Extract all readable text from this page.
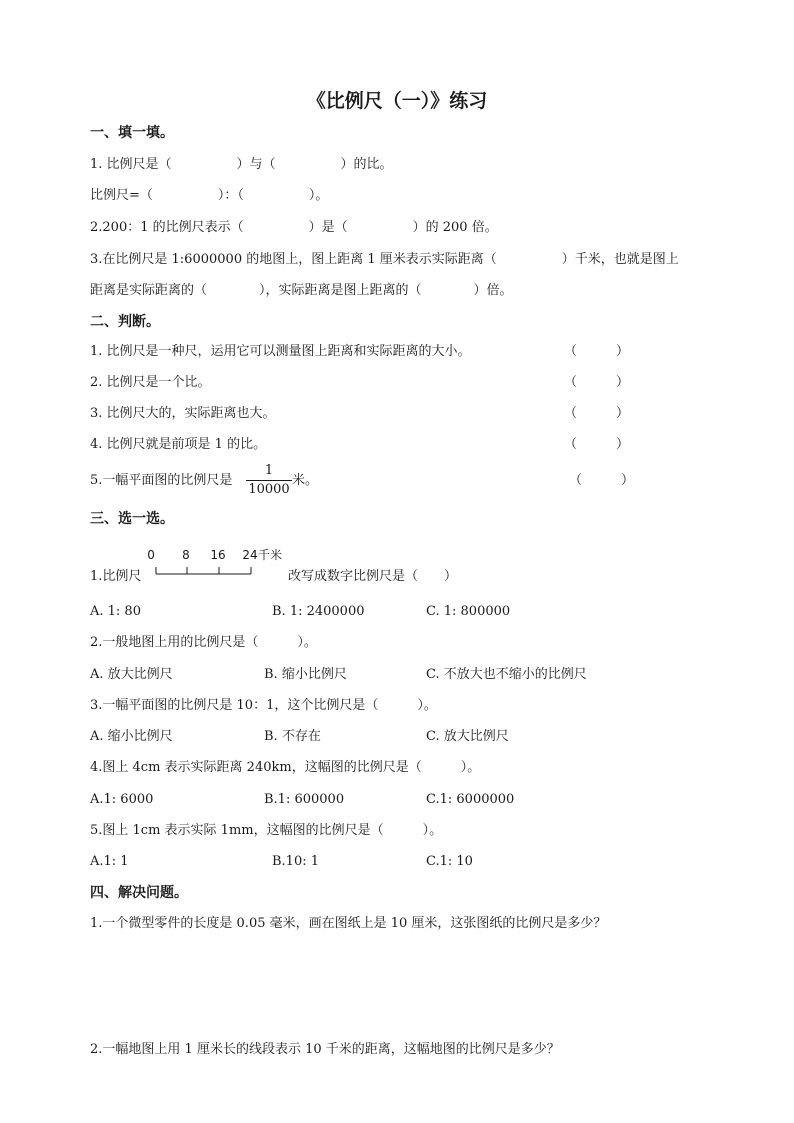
《比例尺（一）》练习
一、填一填。
1. 比例尺是（　　　　　）与（　　　　　）的比。
比例尺=（　　　　　）：（　　　　　）。
2.200：1 的比例尺表示（　　　　　）是（　　　　　）的 200 倍。
3.在比例尺是 1:6000000 的地图上，图上距离 1 厘米表示实际距离（　　　　　）千米，也就是图上
距离是实际距离的（　　　　），实际距离是图上距离的（　　　　）倍。
二、判断。
1. 比例尺是一种尺，运用它可以测量图上距离和实际距离的大小。	（　　　）
2. 比例尺是一个比。	（　　　）
3. 比例尺大的，实际距离也大。	（　　　）
4. 比例尺就是前项是 1 的比。	（　　　）
5.一幅平面图的比例尺是 $\frac{1}{10000}$ 米。	（　　　）
三、选一选。
1.比例尺
0 8 16 24 千米
改写成数字比例尺是（　　）
A. 1: 80	B. 1: 2400000	C. 1: 800000
2.一般地图上用的比例尺是（　　　）。
A. 放大比例尺	B. 缩小比例尺	C. 不放大也不缩小的比例尺
3.一幅平面图的比例尺是 10：1，这个比例尺是（　　　）。
A. 缩小比例尺	B. 不存在	C. 放大比例尺
4.图上 4cm 表示实际距离 240km，这幅图的比例尺是（　　　）。
A.1: 6000	B.1: 600000	C.1: 6000000
5.图上 1cm 表示实际 1mm，这幅图的比例尺是（　　　）。
A.1: 1	B.10: 1	C.1: 10
四、解决问题。
1.一个微型零件的长度是 0.05 毫米，画在图纸上是 10 厘米，这张图纸的比例尺是多少？
2.一幅地图上用 1 厘米长的线段表示 10 千米的距离，这幅地图的比例尺是多少？
